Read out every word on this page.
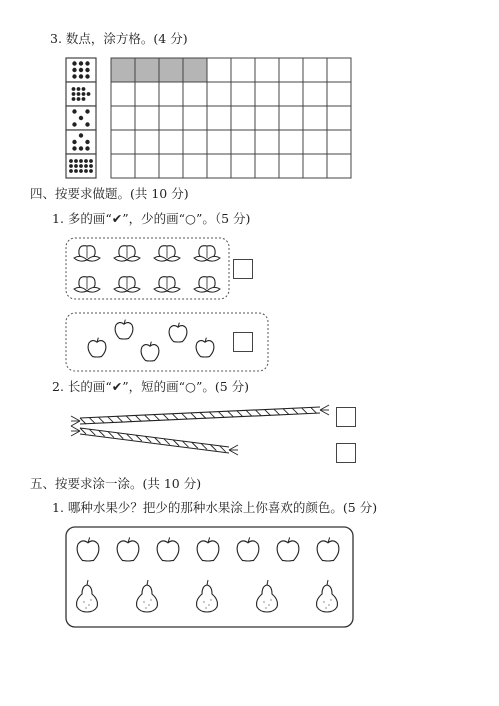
3. 数点，涂方格。(4 分)
四、按要求做题。(共 10 分)
1. 多的画“✔”，少的画“○”。（5 分)
2. 长的画“✔”，短的画“○”。(5 分)
五、按要求涂一涂。(共 10 分)
1. 哪种水果少？把少的那种水果涂上你喜欢的颜色。(5 分)
